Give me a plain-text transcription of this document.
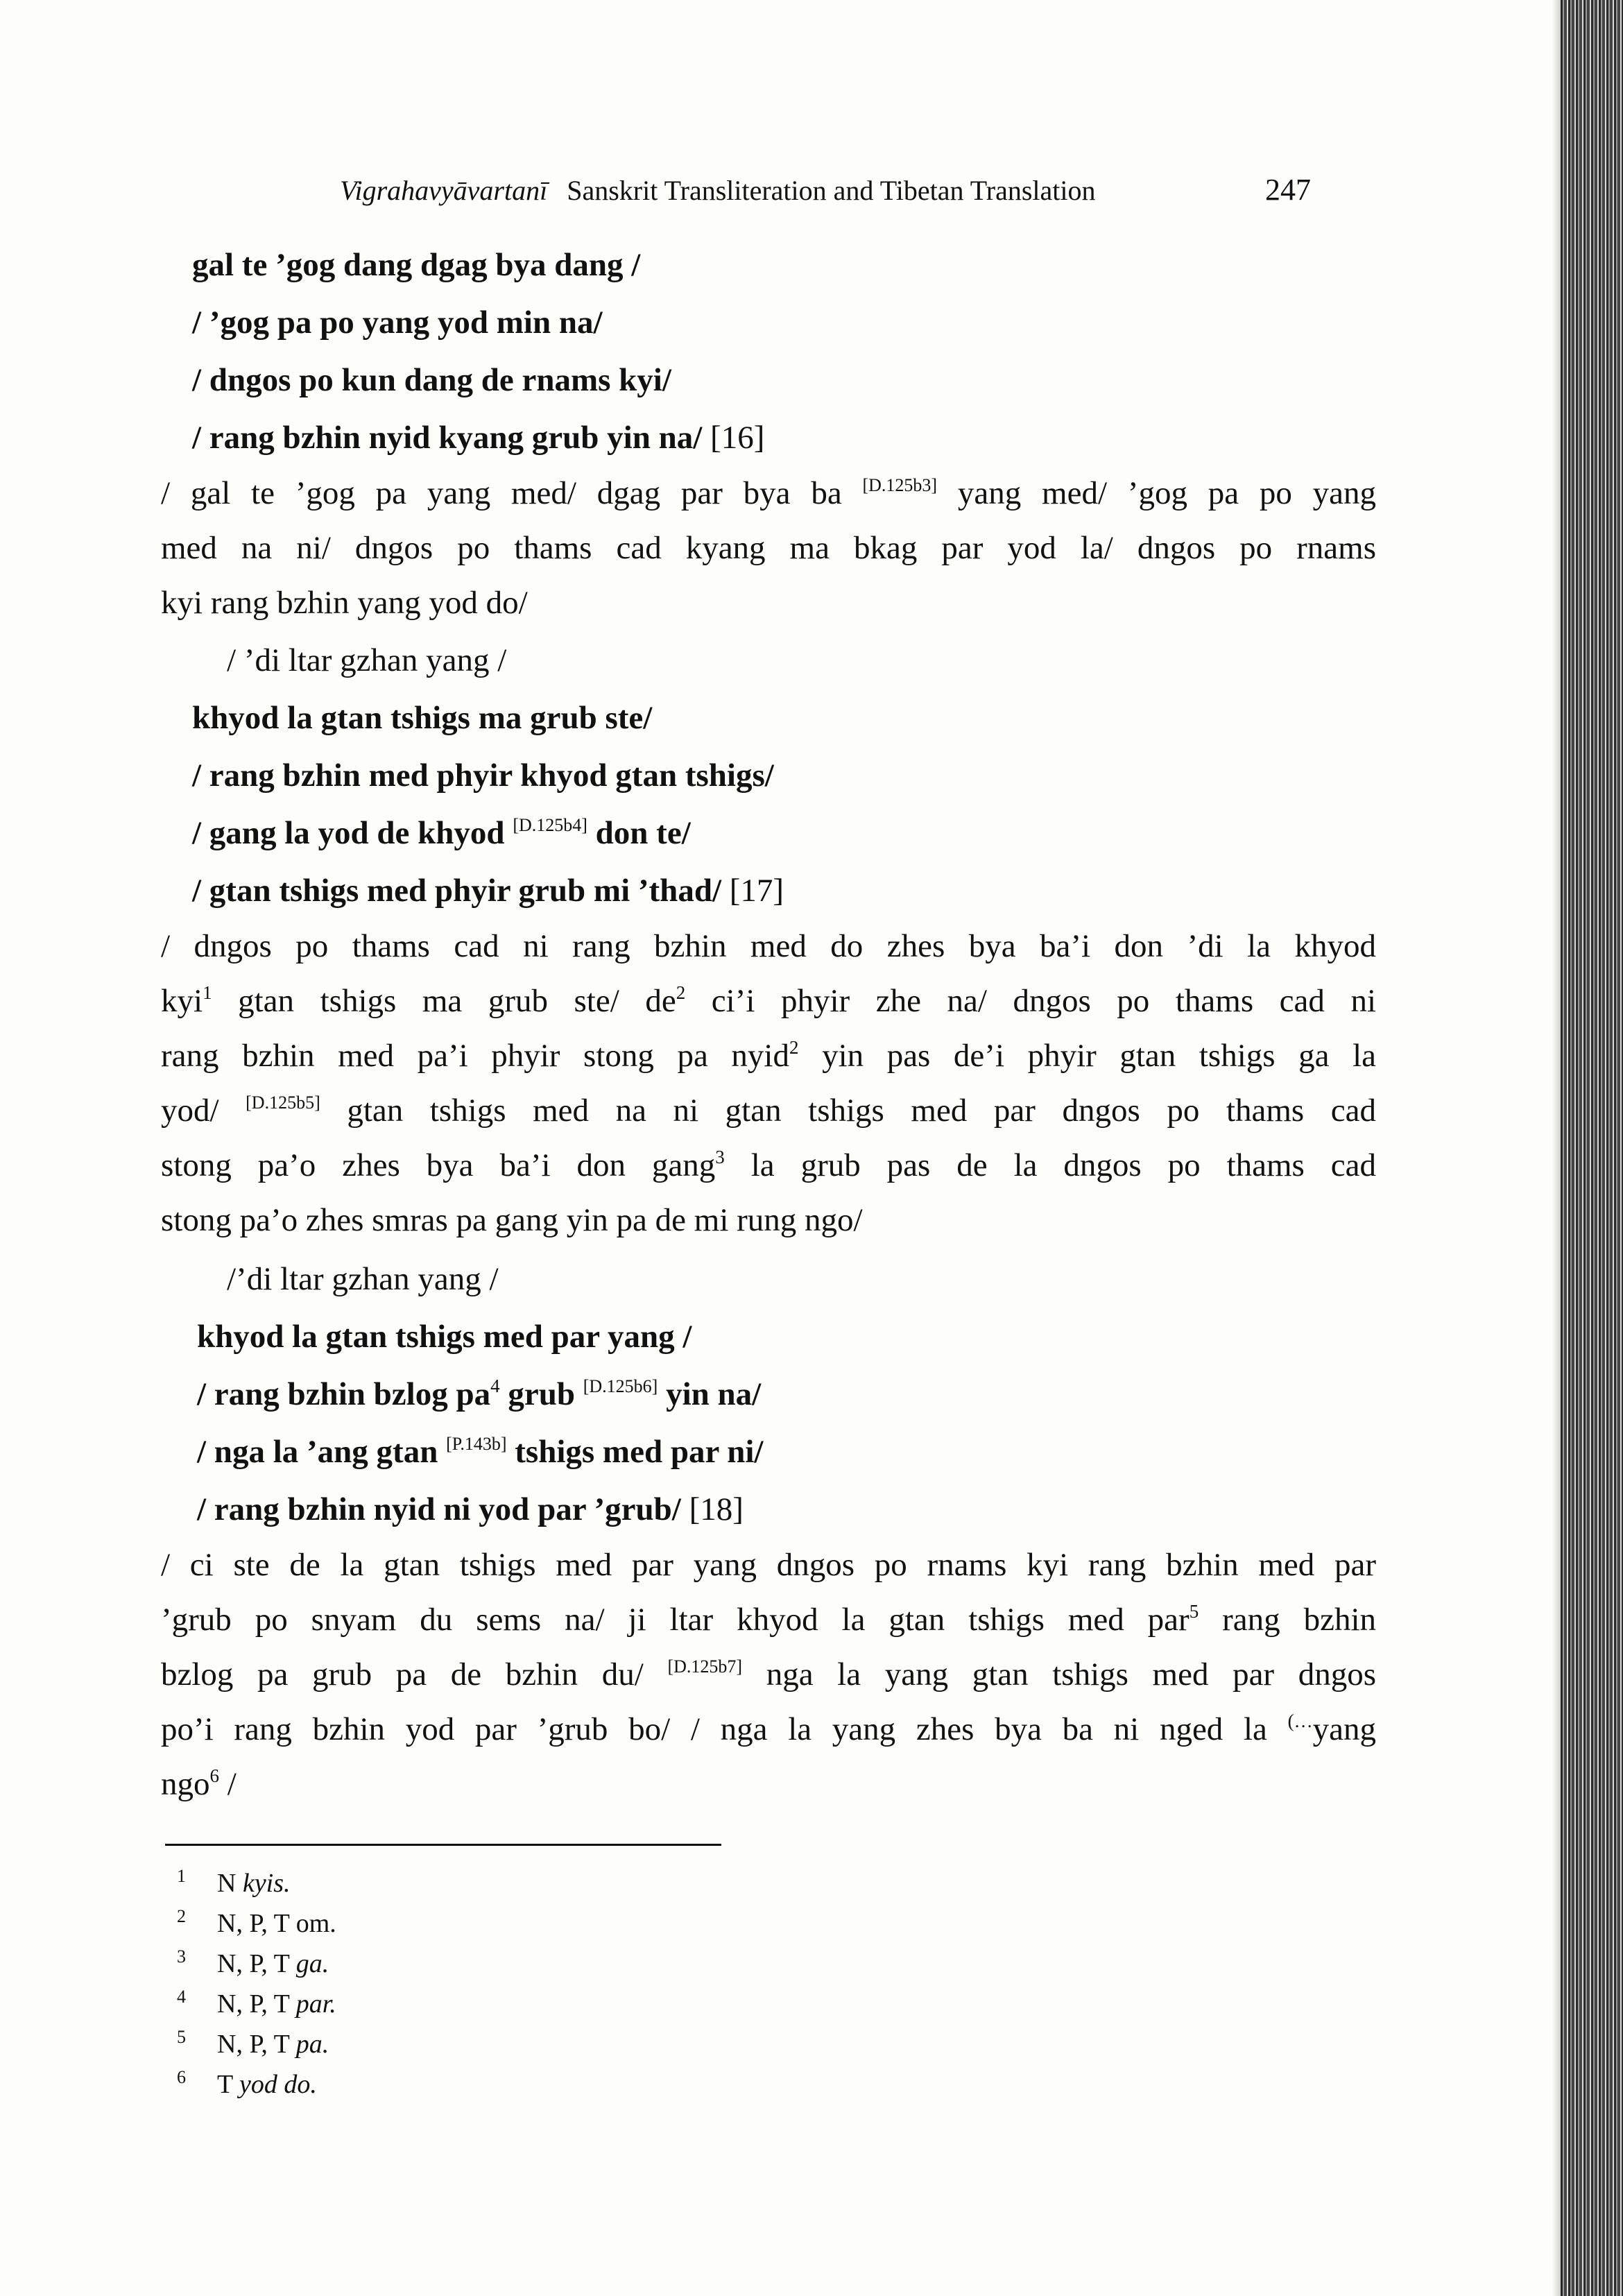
Vigrahavyāvartanī Sanskrit Transliteration and Tibetan Translation	247
gal te ’gog dang dgag bya dang /
/ ’gog pa po yang yod min na/
/ dngos po kun dang de rnams kyi/
/ rang bzhin nyid kyang grub yin na/ [16]
/ gal te ’gog pa yang med/ dgag par bya ba [D.125b3] yang med/ ’gog pa po yang
med na ni/ dngos po thams cad kyang ma bkag par yod la/ dngos po rnams
kyi rang bzhin yang yod do/
/ ’di ltar gzhan yang /
khyod la gtan tshigs ma grub ste/
/ rang bzhin med phyir khyod gtan tshigs/
/ gang la yod de khyod [D.125b4] don te/
/ gtan tshigs med phyir grub mi ’thad/ [17]
/ dngos po thams cad ni rang bzhin med do zhes bya ba’i don ’di la khyod
kyi$^1$ gtan tshigs ma grub ste/ $de^2$ ci’i phyir zhe na/ dngos po thams cad ni
rang bzhin med pa’i phyir stong pa nyid$^2$ yin pas de’i phyir gtan tshigs ga la
yod/ [D.125b5] gtan tshigs med na ni gtan tshigs med par dngos po thams cad
stong pa’o zhes bya ba’i don gang$^3$ la grub pas de la dngos po thams cad
stong pa’o zhes smras pa gang yin pa de mi rung ngo/
/’di ltar gzhan yang /
khyod la gtan tshigs med par yang /
/ rang bzhin bzlog $pa^4$ grub [D.125b6] yin na/
/ nga la ’ang gtan [P.143b] tshigs med par ni/
/ rang bzhin nyid ni yod par ’grub/ [18]
/ ci ste de la gtan tshigs med par yang dngos po rnams kyi rang bzhin med par
’grub po snyam du sems na/ ji ltar khyod la gtan tshigs med par$^5$ rang bzhin
bzlog pa grub pa de bzhin du/ [D.125b7] nga la yang gtan tshigs med par dngos
po’i rang bzhin yod par ’grub bo/ / nga la yang zhes bya ba ni nged la (…yang
ngo$^6$ /
1 N kyis.
2 N, P, T om.
3 N, P, T ga.
4 N, P, T par.
5 N, P, T pa.
6 T yod do.
